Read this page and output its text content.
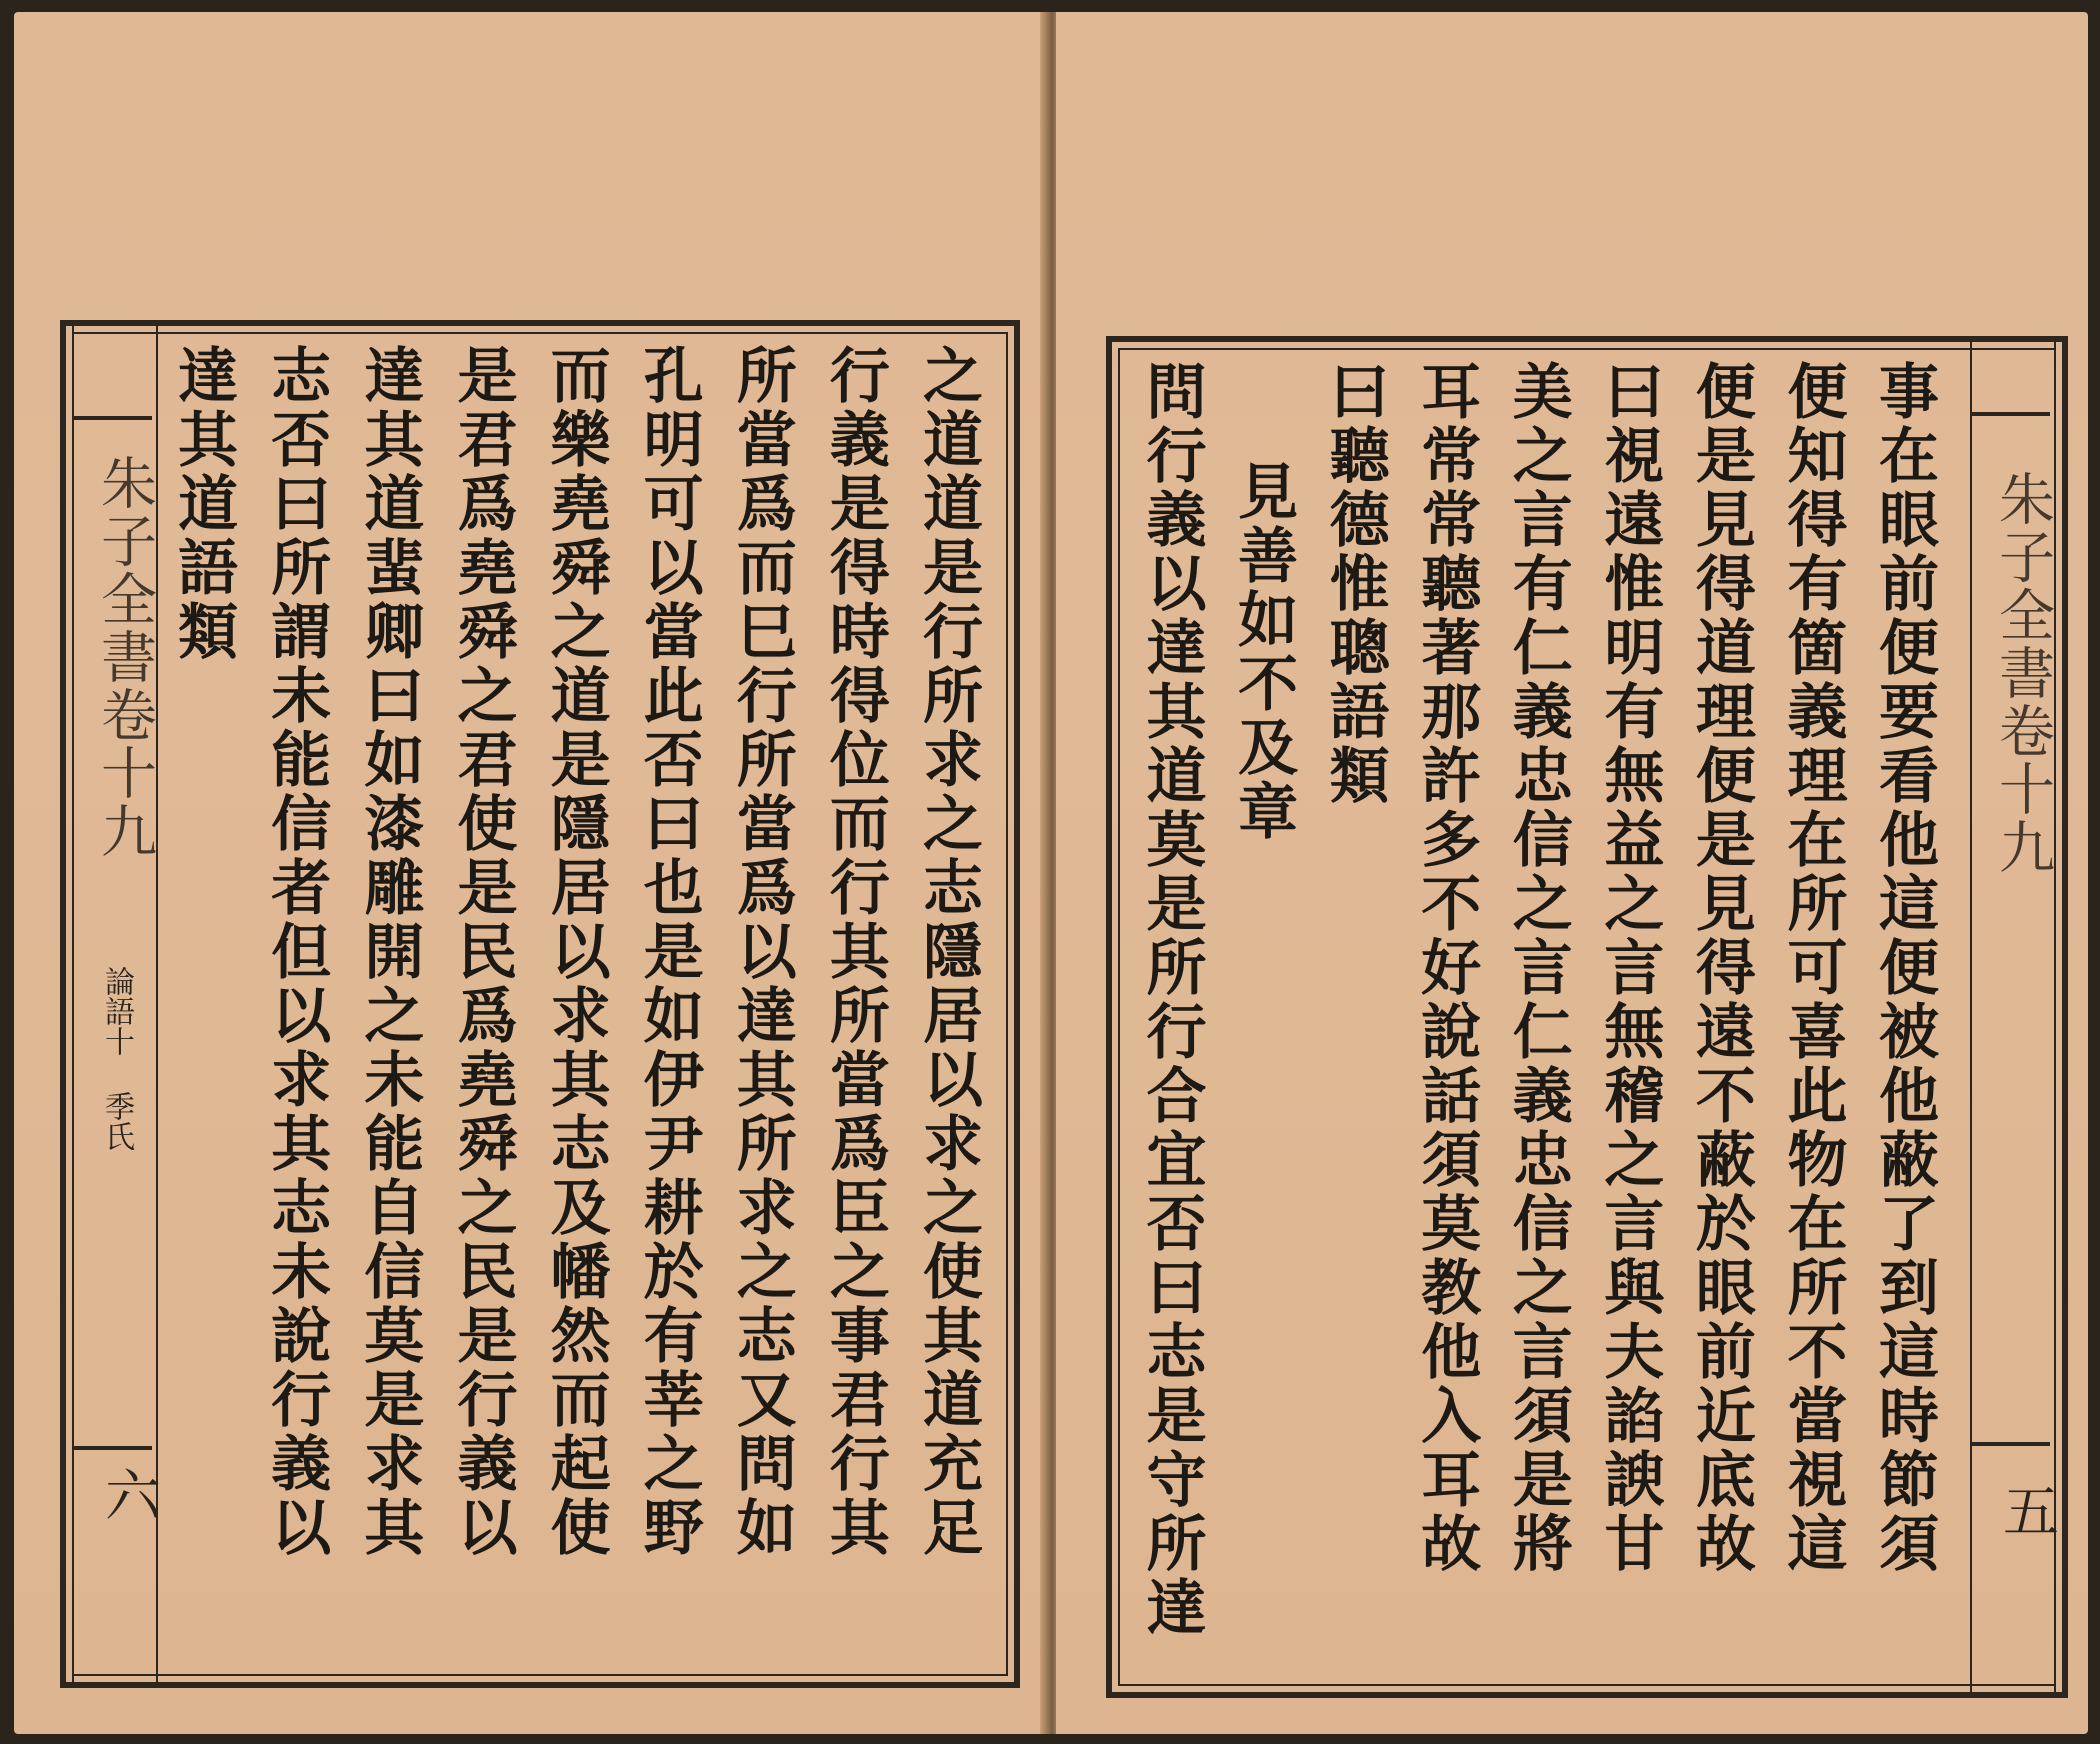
朱子全書卷十九
論語十 季氏
六	之道道是行所求之志隱居以求之使其道充足
行義是得時得位而行其所當爲臣之事君行其
所當爲而巳行所當爲以達其所求之志又問如
孔明可以當此否曰也是如伊尹耕於有莘之野
而樂堯舜之道是隱居以求其志及幡然而起使
是君爲堯舜之君使是民爲堯舜之民是行義以
達其道蜚卿曰如漆雕開之未能自信莫是求其
志否曰所謂未能信者但以求其志未說行義以
達其道語類	朱子全書卷十九
五
事在眼前便要看他這便被他蔽了到這時節須
便知得有箇義理在所可喜此物在所不當視這
便是見得道理便是見得遠不蔽於眼前近底故
曰視遠惟明有無益之言無稽之言與夫諂諛甘
美之言有仁義忠信之言仁義忠信之言須是將
耳常常聽著那許多不好說話須莫教他入耳故
曰聽德惟聰語類
見善如不及章
問行義以達其道莫是所行合宜否曰志是守所達
